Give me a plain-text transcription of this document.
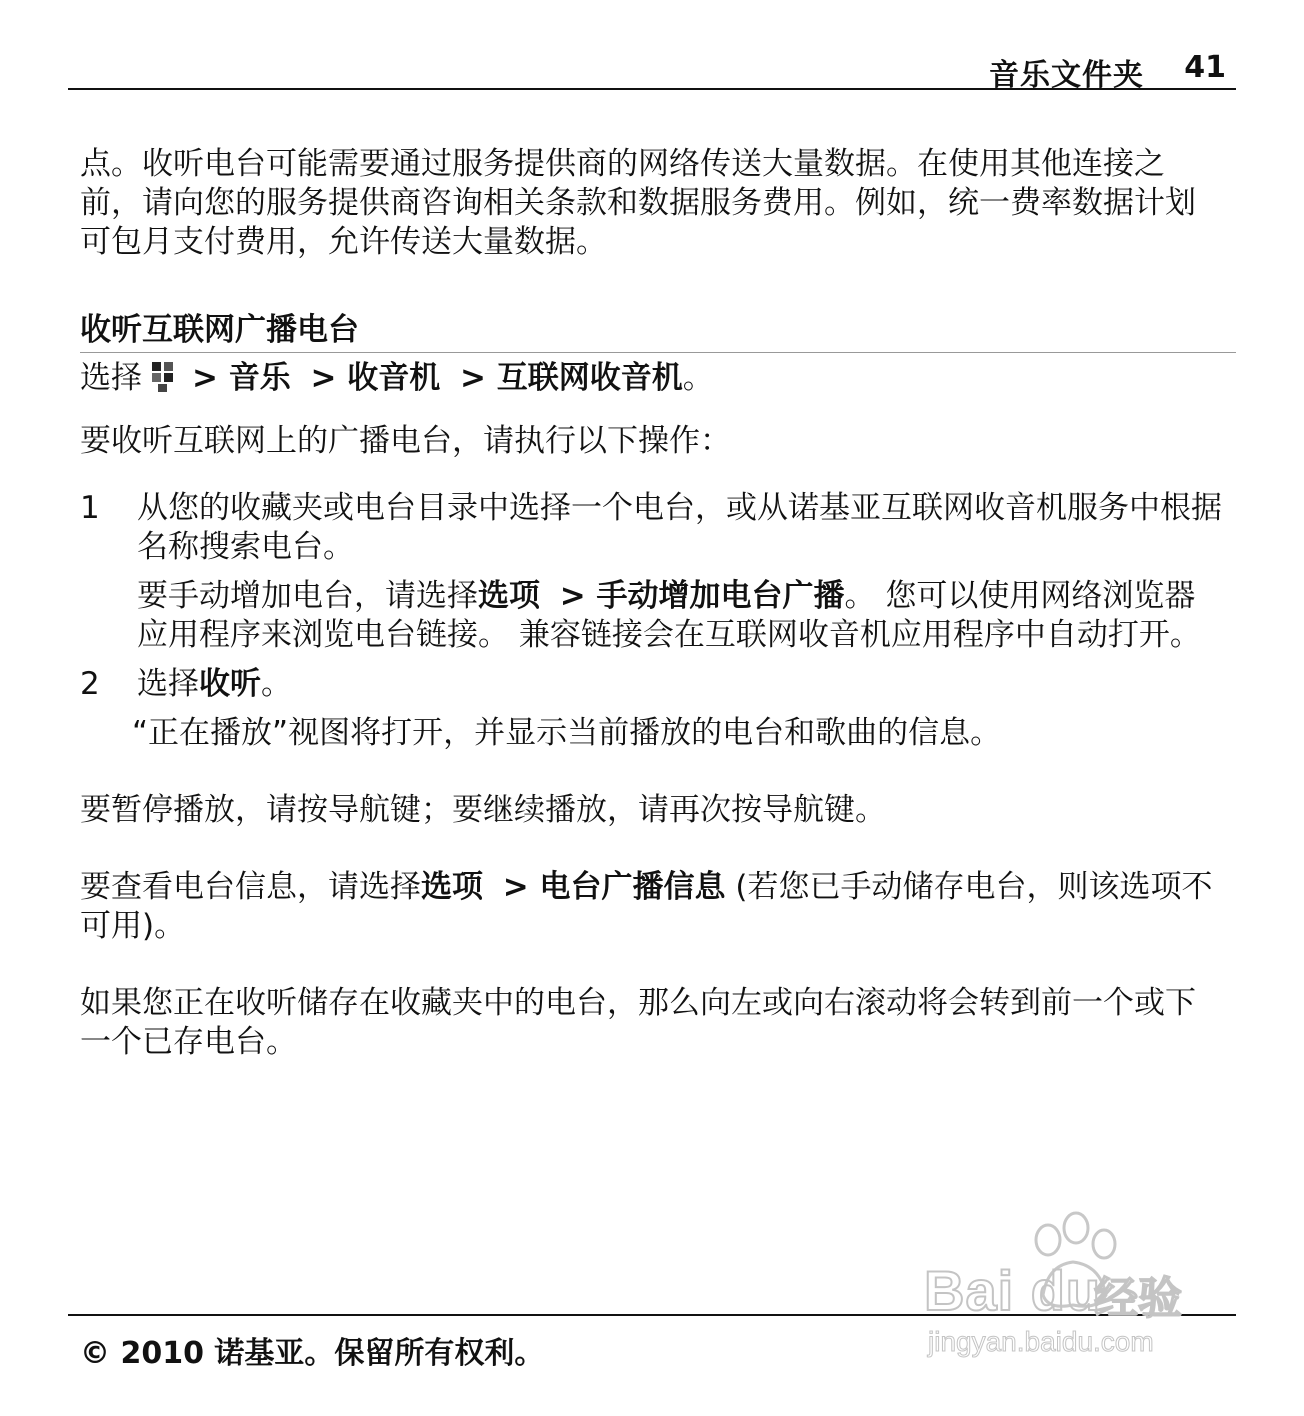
音乐文件夹 41

点。收听电台可能需要通过服务提供商的网络传送大量数据。在使用其他连接之前，请向您的服务提供商咨询相关条款和数据服务费用。例如，统一费率数据计划可包月支付费用，允许传送大量数据。

收听互联网广播电台

选择 > 音乐 > 收音机 > 互联网收音机。

要收听互联网上的广播电台，请执行以下操作：

1 从您的收藏夹或电台目录中选择一个电台，或从诺基亚互联网收音机服务中根据名称搜索电台。

要手动增加电台，请选择选项 > 手动增加电台广播。 您可以使用网络浏览器应用程序来浏览电台链接。 兼容链接会在互联网收音机应用程序中自动打开。

2 选择收听。

“正在播放”视图将打开，并显示当前播放的电台和歌曲的信息。

要暂停播放，请按导航键；要继续播放，请再次按导航键。

要查看电台信息，请选择选项 > 电台广播信息 (若您已手动储存电台，则该选项不可用)。

如果您正在收听储存在收藏夹中的电台，那么向左或向右滚动将会转到前一个或下一个已存电台。

© 2010 诺基亚。保留所有权利。
Bai du
经验
jingyan.baidu.com
